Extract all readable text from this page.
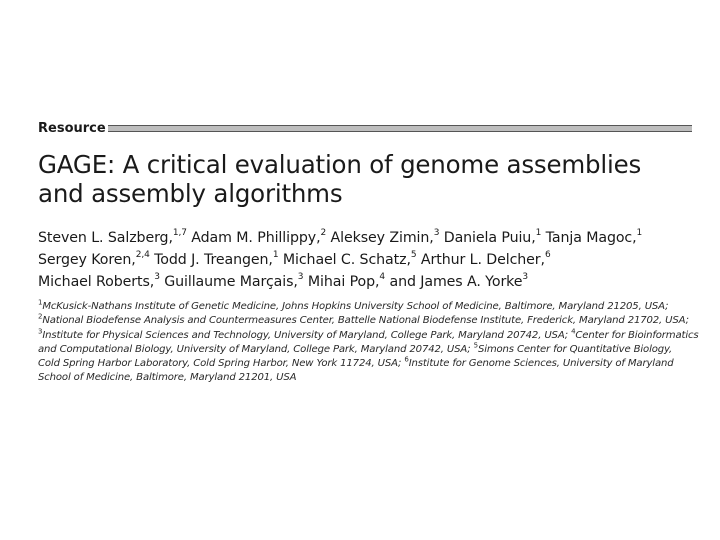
Resource
GAGE: A critical evaluation of genome assemblies
and assembly algorithms
Steven L. Salzberg,$^{1,7}$ Adam M. Phillippy,$^2$ Aleksey Zimin,$^3$ Daniela Puiu,$^1$ Tanja Magoc,$^1$
Sergey Koren,$^{2,4}$ Todd J. Treangen,$^1$ Michael C. Schatz,$^5$ Arthur L. Delcher,$^6$
Michael Roberts,$^3$ Guillaume Marçais,$^3$ Mihai Pop,$^4$ and James A. Yorke$^3$
$^1$McKusick-Nathans Institute of Genetic Medicine, Johns Hopkins University School of Medicine, Baltimore, Maryland 21205, USA;
$^2$National Biodefense Analysis and Countermeasures Center, Battelle National Biodefense Institute, Frederick, Maryland 21702, USA;
$^3$Institute for Physical Sciences and Technology, University of Maryland, College Park, Maryland 20742, USA; $^4$Center for Bioinformatics
and Computational Biology, University of Maryland, College Park, Maryland 20742, USA; $^5$Simons Center for Quantitative Biology,
Cold Spring Harbor Laboratory, Cold Spring Harbor, New York 11724, USA; $^6$Institute for Genome Sciences, University of Maryland
School of Medicine, Baltimore, Maryland 21201, USA
